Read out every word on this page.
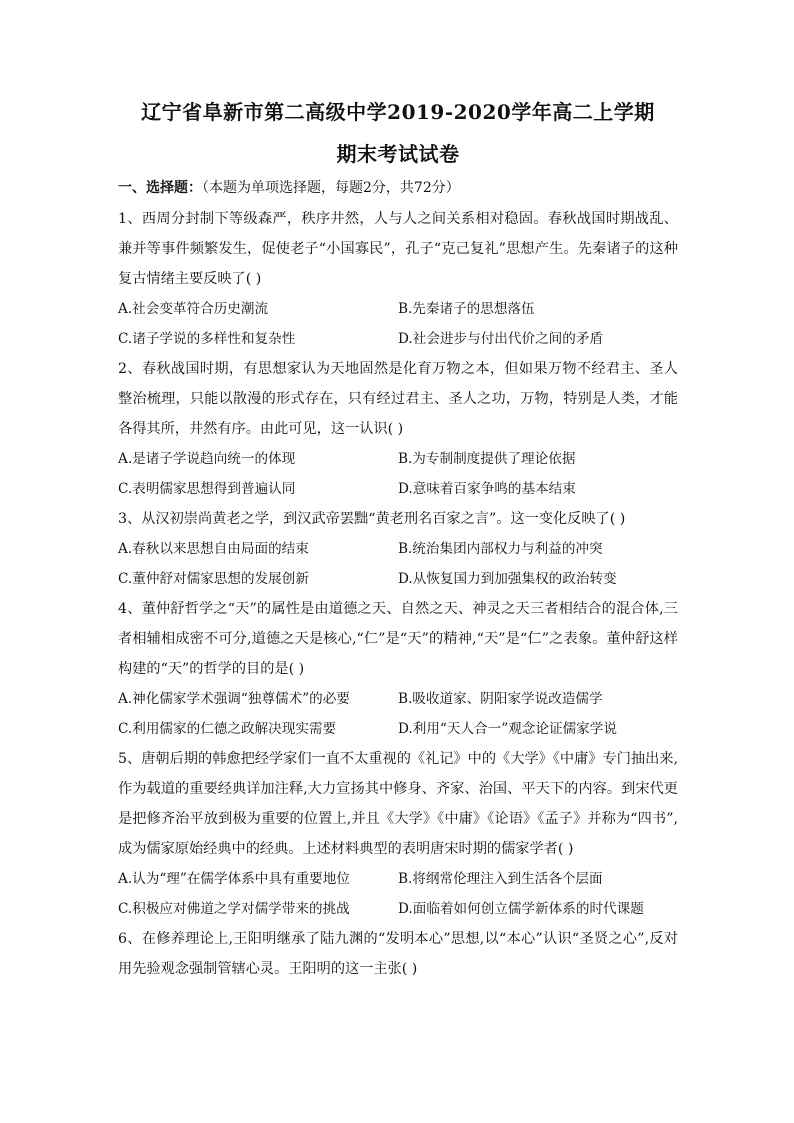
辽宁省阜新市第二高级中学2019-2020学年高二上学期
期末考试试卷

一、选择题：（本题为单项选择题，每题2分，共72分）

1、西周分封制下等级森严，秩序井然，人与人之间关系相对稳固。春秋战国时期战乱、兼并等事件频繁发生，促使老子“小国寡民”，孔子“克己复礼”思想产生。先秦诸子的这种复古情绪主要反映了( )

A.社会变革符合历史潮流	B.先秦诸子的思想落伍
C.诸子学说的多样性和复杂性	D.社会进步与付出代价之间的矛盾

2、春秋战国时期，有思想家认为天地固然是化育万物之本，但如果万物不经君主、圣人整治梳理，只能以散漫的形式存在，只有经过君主、圣人之功，万物，特别是人类，才能各得其所，井然有序。由此可见，这一认识( )

A.是诸子学说趋向统一的体现	B.为专制制度提供了理论依据
C.表明儒家思想得到普遍认同	D.意味着百家争鸣的基本结束

3、从汉初崇尚黄老之学，到汉武帝罢黜“黄老刑名百家之言”。这一变化反映了( )

A.春秋以来思想自由局面的结束	B.统治集团内部权力与利益的冲突
C.董仲舒对儒家思想的发展创新	D.从恢复国力到加强集权的政治转变

4、董仲舒哲学之“天”的属性是由道德之天、自然之天、神灵之天三者相结合的混合体,三者相辅相成密不可分,道德之天是核心,“仁”是“天”的精神,“天”是“仁”之表象。董仲舒这样构建的“天”的哲学的目的是( )

A.神化儒家学术强调“独尊儒术”的必要	B.吸收道家、阴阳家学说改造儒学
C.利用儒家的仁德之政解决现实需要	D.利用“天人合一”观念论证儒家学说

5、唐朝后期的韩愈把经学家们一直不太重视的《礼记》中的《大学》《中庸》专门抽出来,作为载道的重要经典详加注释,大力宣扬其中修身、齐家、治国、平天下的内容。到宋代更是把修齐治平放到极为重要的位置上,并且《大学》《中庸》《论语》《孟子》并称为“四书”,成为儒家原始经典中的经典。上述材料典型的表明唐宋时期的儒家学者( )

A.认为“理”在儒学体系中具有重要地位	B.将纲常伦理注入到生活各个层面
C.积极应对佛道之学对儒学带来的挑战	D.面临着如何创立儒学新体系的时代课题

6、在修养理论上,王阳明继承了陆九渊的“发明本心”思想,以“本心”认识“圣贤之心”,反对用先验观念强制管辖心灵。王阳明的这一主张( )
